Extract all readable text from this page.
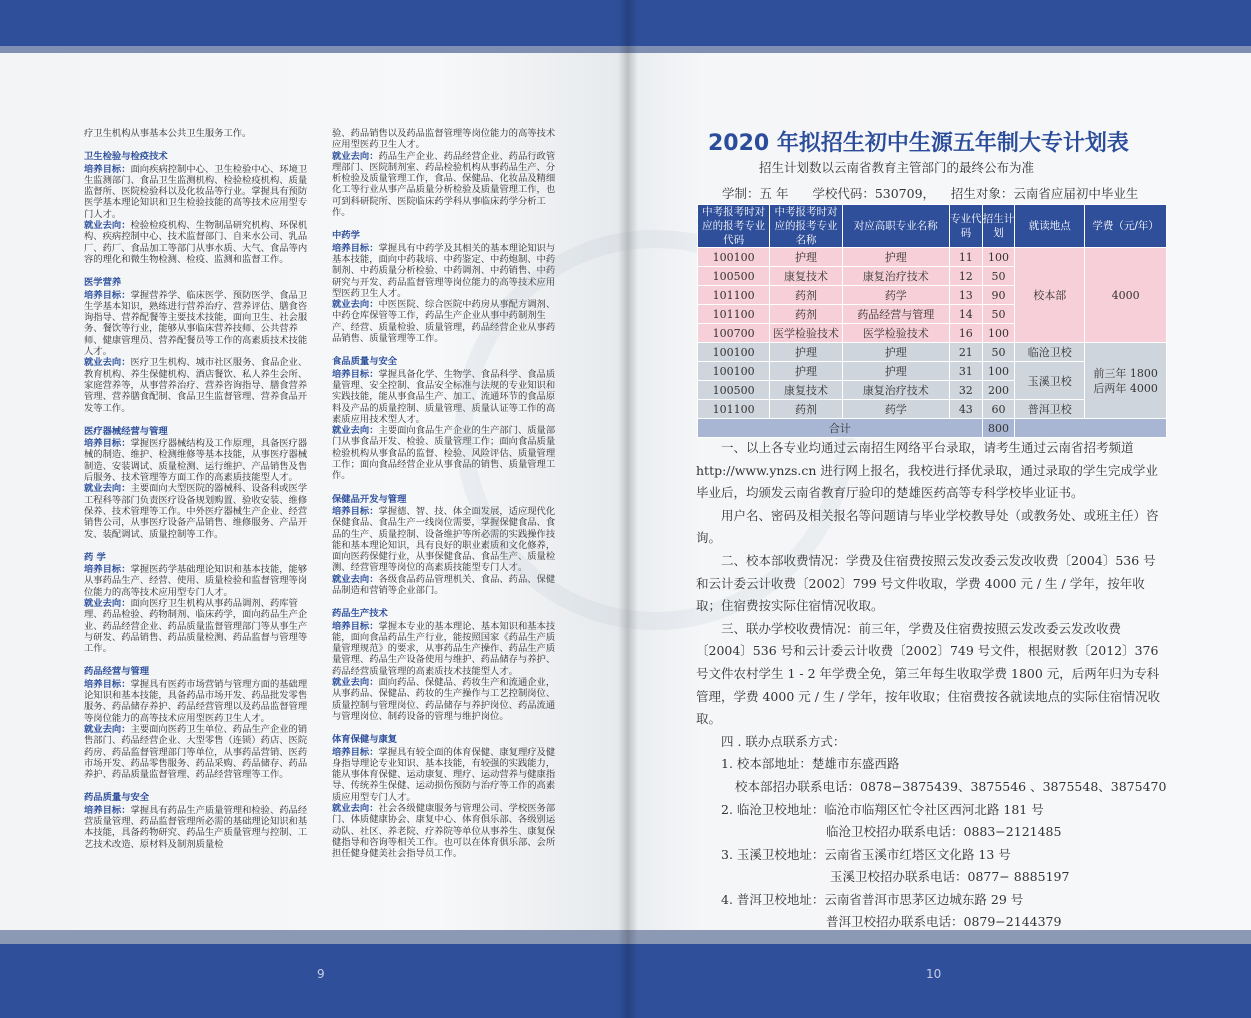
疗卫生机构从事基本公共卫生服务工作。

卫生检验与检疫技术

培养目标：面向疾病控制中心、卫生检验中心、环境卫生监测部门、食品卫生监测机构、检验检疫机构、质量监督所、医院检验科以及化妆品等行业。掌握具有预防医学基本理论知识和卫生检验技能的高等技术应用型专门人才。

就业去向：检验检疫机构、生物制品研究机构、环保机构、疾病控制中心、技术监督部门、自来水公司、乳品厂、药厂、食品加工等部门从事水质、大气、食品等内容的理化和微生物检测、检疫、监测和监督工作。

医学营养

培养目标：掌握营养学、临床医学、预防医学、食品卫生学基本知识，熟练进行营养治疗、营养评估、膳食咨询指导、营养配餐等主要技术技能，面向卫生、社会服务、餐饮等行业，能够从事临床营养技师、公共营养师、健康管理员、营养配餐员等工作的高素质技术技能人才。

就业去向：医疗卫生机构、城市社区服务、食品企业、教育机构、养生保健机构、酒店餐饮、私人养生会所、家庭营养等，从事营养治疗、营养咨询指导、膳食营养管理、营养膳食配制、食品卫生监督管理、营养食品开发等工作。

医疗器械经营与管理

培养目标：掌握医疗器械结构及工作原理，具备医疗器械的制造、维护、检测维修等基本技能，从事医疗器械制造、安装调试、质量检测、运行维护、产品销售及售后服务、技术管理等方面工作的高素质技能型人才。

就业去向：主要面向大型医院的器械科、设备科或医学工程科等部门负责医疗设备规划购置、验收安装、维修保养、技术管理等工作。中外医疗器械生产企业、经营销售公司，从事医疗设备产品销售、维修服务、产品开发、装配调试、质量控制等工作。

药 学

培养目标：掌握医药学基础理论知识和基本技能，能够从事药品生产、经营、使用、质量检验和监督管理等岗位能力的高等技术应用型专门人才。

就业去向：面向医疗卫生机构从事药品调剂、药库管理、药品检验、药物制剂、临床药学，面向药品生产企业、药品经营企业、药品质量监督管理部门等从事生产与研发、药品销售、药品质量检测、药品监督与管理等工作。

药品经营与管理

培养目标：掌握具有医药市场营销与管理方面的基础理论知识和基本技能，具备药品市场开发、药品批发零售服务、药品储存养护、药品经营管理以及药品监督管理等岗位能力的高等技术应用型医药卫生人才。

就业去向：主要面向医药卫生单位、药品生产企业的销售部门、药品经营企业、大型零售（连锁）药店、医院药房、药品监督管理部门等单位，从事药品营销、医药市场开发、药品零售服务、药品采购、药品储存、药品养护、药品质量监督管理、药品经营管理等工作。

药品质量与安全

培养目标：掌握具有药品生产质量管理和检验、药品经营质量管理、药品监督管理所必需的基础理论知识和基本技能，具备药物研究、药品生产质量管理与控制、工艺技术改造、原材料及制剂质量检

验、药品销售以及药品监督管理等岗位能力的高等技术应用型医药卫生人才。

就业去向：药品生产企业、药品经营企业、药品行政管理部门、医院制剂室、药品检验机构从事药品生产、分析检验及质量管理工作，食品、保健品、化妆品及精细化工等行业从事产品质量分析检验及质量管理工作，也可到科研院所、医院临床药学科从事临床药学分析工作。

中药学

培养目标：掌握具有中药学及其相关的基本理论知识与基本技能，面向中药栽培、中药鉴定、中药炮制、中药制剂、中药质量分析检验、中药调剂、中药销售、中药研究与开发、药品监督管理等岗位能力的高等技术应用型医药卫生人才。

就业去向：中医医院、综合医院中药房从事配方调剂、中药仓库保管等工作，药品生产企业从事中药制剂生产、经营、质量检验、质量管理，药品经营企业从事药品销售、质量管理等工作。

食品质量与安全

培养目标：掌握具备化学、生物学、食品科学、食品质量管理、安全控制、食品安全标准与法规的专业知识和实践技能，能从事食品生产、加工、流通环节的食品原料及产品的质量控制、质量管理、质量认证等工作的高素质应用技术型人才。

就业去向：主要面向食品生产企业的生产部门、质量部门从事食品开发、检验、质量管理工作；面向食品质量检验机构从事食品的监督、检验、风险评估、质量管理工作；面向食品经营企业从事食品的销售、质量管理工作。

保健品开发与管理

培养目标：掌握德、智、技、体全面发展，适应现代化保健食品、食品生产一线岗位需要，掌握保健食品、食品的生产、质量控制、设备维护等所必需的实践操作技能和基本理论知识，具有良好的职业素质和文化修养，面向医药保健行业，从事保健食品、食品生产、质量检测、经营管理等岗位的高素质技能型专门人才。

就业去向：各级食品药品管理机关、食品、药品、保健品制造和营销等企业部门。

药品生产技术

培养目标：掌握本专业的基本理论、基本知识和基本技能，面向食品药品生产行业，能按照国家《药品生产质量管理规范》的要求，从事药品生产操作、药品生产质量管理、药品生产设备使用与维护、药品储存与养护、药品经营质量管理的高素质技术技能型人才。

就业去向：面向药品、保健品、药妆生产和流通企业，从事药品、保健品、药妆的生产操作与工艺控制岗位、质量控制与管理岗位、药品储存与养护岗位、药品流通与管理岗位、制药设备的管理与维护岗位。

体育保健与康复

培养目标：掌握具有较全面的体育保健、康复理疗及健身指导理论专业知识、基本技能，有较强的实践能力，能从事体育保健、运动康复、理疗、运动营养与健康指导、传统养生保健、运动损伤预防与治疗等工作的高素质应用型专门人才。

就业去向：社会各级健康服务与管理公司、学校医务部门、体质健康协会、康复中心、体育俱乐部、各级别运动队、社区、养老院、疗养院等单位从事养生、康复保健指导和咨询等相关工作。也可以在体育俱乐部、会所担任健身健美社会指导员工作。

9	10
2020 年拟招生初中生源五年制大专计划表
招生计划数以云南省教育主管部门的最终公布为准
学制：五 年      学校代码：530709，    招生对象：云南省应届初中毕业生
中考报考时对应的报考专业代码	中考报考时对应的报考专业名称	对应高职专业名称	专业代码	招生计划	就读地点	学费（元/年）
100100	护理	护理	11	100	校本部	4000
100500	康复技术	康复治疗技术	12	50		
101100	药剂	药学	13	90		
101100	药剂	药品经营与管理	14	50		
100700	医学检验技术	医学检验技术	16	100		
100100	护理	护理	21	50	临沧卫校	前三年 1800
后两年 4000

100100	护理	护理	31	100	玉溪卫校	
100500	康复技术	康复治疗技术	32	200		
101100	药剂	药学	43	60	普洱卫校	
合计				800		

一、以上各专业均通过云南招生网络平台录取，请考生通过云南省招考频道 http://www.ynzs.cn 进行网上报名，我校进行择优录取，通过录取的学生完成学业毕业后，均颁发云南省教育厅验印的楚雄医药高等专科学校毕业证书。

用户名、密码及相关报名等问题请与毕业学校教导处（或教务处、或班主任）咨询。

二、校本部收费情况：学费及住宿费按照云发改委云发改收费〔2004〕536 号和云计委云计收费〔2002〕799 号文件收取，学费 4000 元 / 生 / 学年，按年收取；住宿费按实际住宿情况收取。

三、联办学校收费情况：前三年，学费及住宿费按照云发改委云发改收费〔2004〕536 号和云计委云计收费〔2002〕749 号文件，根据财教〔2012〕376 号文件农村学生 1 - 2 年学费全免，第三年每生收取学费 1800 元，后两年归为专科管理，学费 4000 元 / 生 / 学年，按年收取；住宿费按各就读地点的实际住宿情况收取。

四 . 联办点联系方式：

1. 校本部地址：楚雄市东盛西路

校本部招办联系电话：0878−3875439、3875546 、3875548、3875470

2. 临沧卫校地址：临沧市临翔区忙令社区西河北路 181 号

临沧卫校招办联系电话：0883−2121485

3. 玉溪卫校地址：云南省玉溪市红塔区文化路 13 号

玉溪卫校招办联系电话：0877− 8885197

4. 普洱卫校地址：云南省普洱市思茅区边城东路 29 号

普洱卫校招办联系电话：0879−2144379
